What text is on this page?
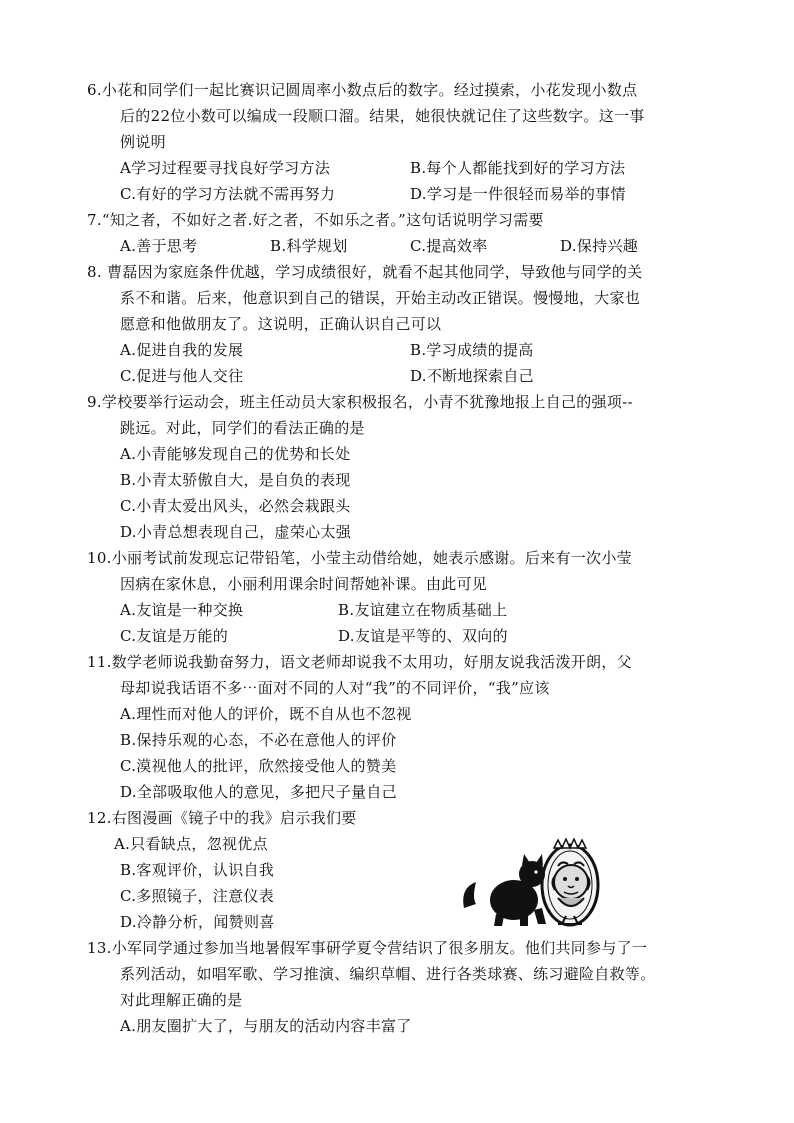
6.小花和同学们一起比赛识记圆周率小数点后的数字。经过摸索，小花发现小数点
后的22位小数可以编成一段顺口溜。结果，她很快就记住了这些数字。这一事
例说明
A学习过程要寻找良好学习方法	B.每个人都能找到好的学习方法
C.有好的学习方法就不需再努力	D.学习是一件很轻而易举的事情
7.“知之者，不如好之者.好之者，不如乐之者。”这句话说明学习需要
A.善于思考	B.科学规划	C.提高效率	D.保持兴趣
8. 曹磊因为家庭条件优越，学习成绩很好，就看不起其他同学，导致他与同学的关
系不和谐。后来，他意识到自己的错误，开始主动改正错误。慢慢地，大家也
愿意和他做朋友了。这说明，正确认识自己可以
A.促进自我的发展	B.学习成绩的提高
C.促进与他人交往	D.不断地探索自己
9.学校要举行运动会，班主任动员大家积极报名，小青不犹豫地报上自己的强项--
跳远。对此，同学们的看法正确的是
A.小青能够发现自己的优势和长处
B.小青太骄傲自大，是自负的表现
C.小青太爱出风头，必然会栽跟头
D.小青总想表现自己，虚荣心太强
10.小丽考试前发现忘记带铅笔，小莹主动借给她，她表示感谢。后来有一次小莹
因病在家休息，小丽利用课余时间帮她补课。由此可见
A.友谊是一种交换	B.友谊建立在物质基础上
C.友谊是万能的	D.友谊是平等的、双向的
11.数学老师说我勤奋努力，语文老师却说我不太用功，好朋友说我活泼开朗，父
母却说我话语不多⋯面对不同的人对“我”的不同评价，“我”应该
A.理性而对他人的评价，既不自从也不忽视
B.保持乐观的心态，不必在意他人的评价
C.漠视他人的批评，欣然接受他人的赞美
D.全部吸取他人的意见，多把尺子量自己
12.右图漫画《镜子中的我》启示我们要
A.只看缺点，忽视优点
B.客观评价，认识自我
C.多照镜子，注意仪表
D.冷静分析，闻赞则喜
13.小军同学通过参加当地暑假军事研学夏令营结识了很多朋友。他们共同参与了一
系列活动，如唱军歌、学习推演、编织草帽、进行各类球赛、练习避险自救等。
对此理解正确的是
A.朋友圈扩大了，与朋友的活动内容丰富了
